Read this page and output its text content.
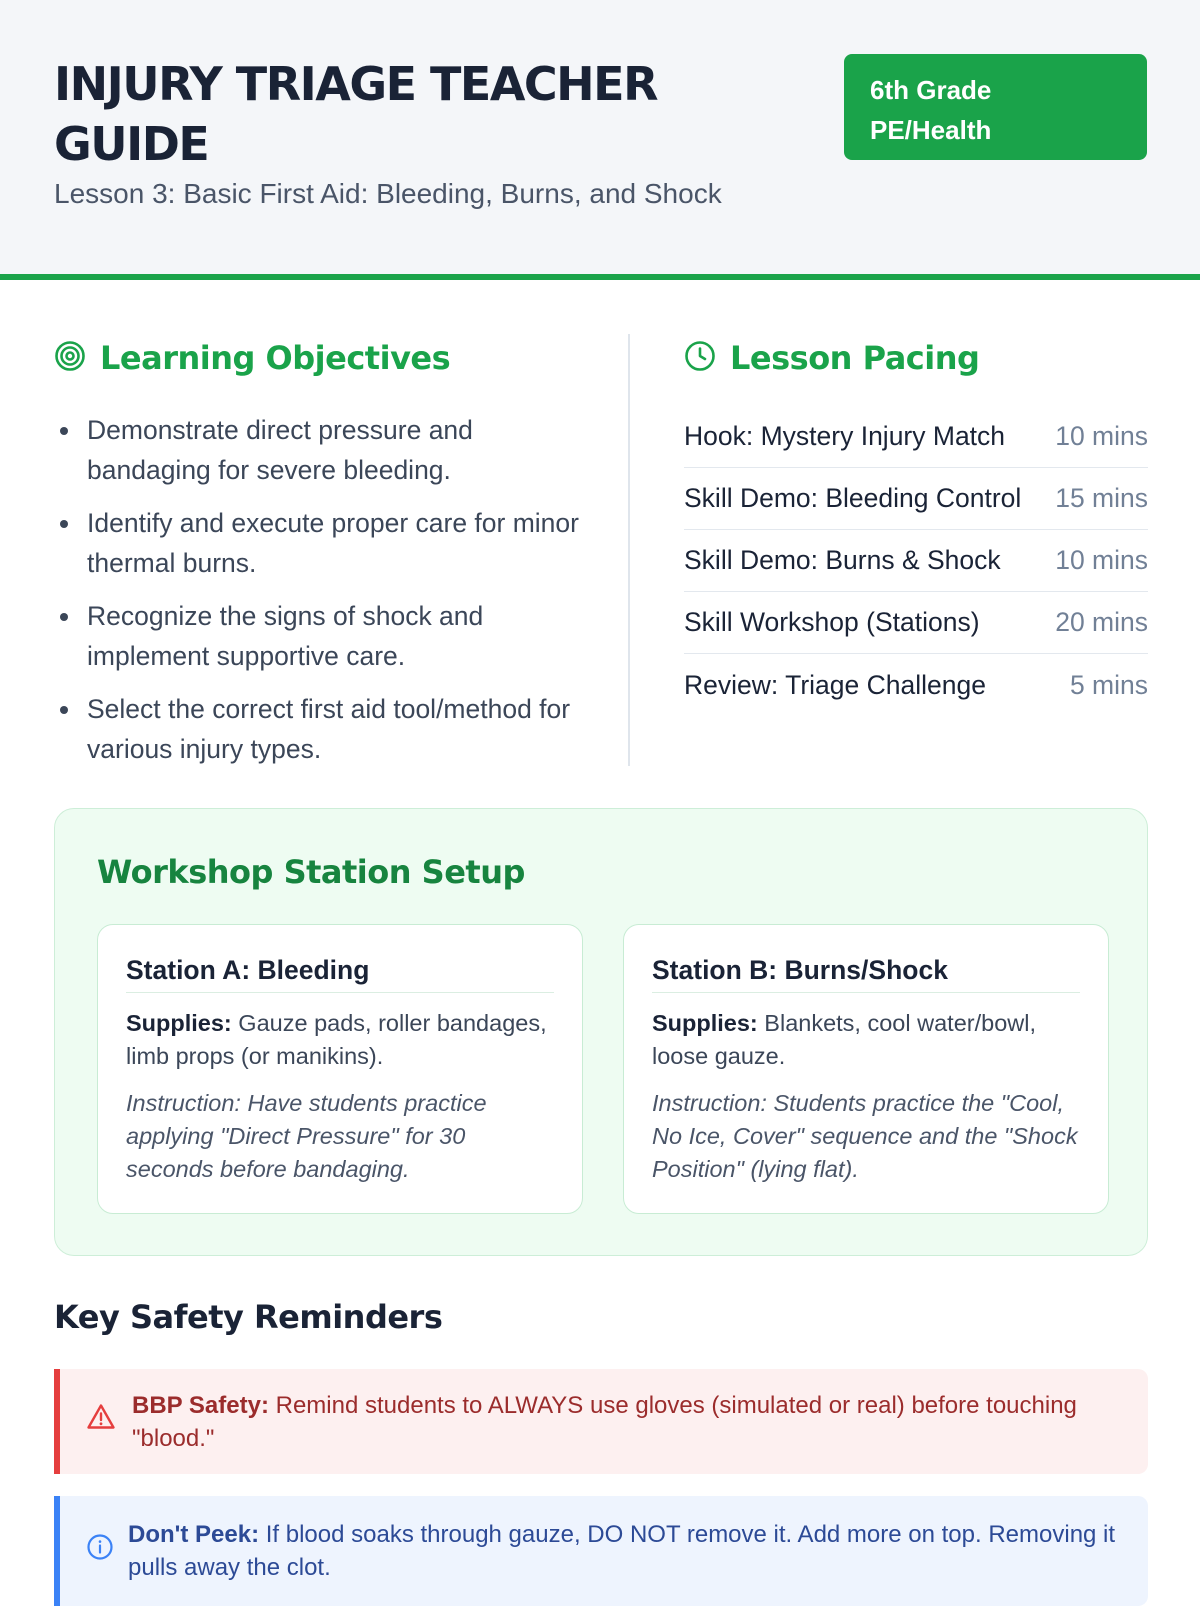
INJURY TRIAGE TEACHER GUIDE
Lesson 3: Basic First Aid: Bleeding, Burns, and Shock
6th Grade
PE/Health
Learning Objectives
Demonstrate direct pressure and bandaging for severe bleeding.
Identify and execute proper care for minor thermal burns.
Recognize the signs of shock and implement supportive care.
Select the correct first aid tool/method for various injury types.
Lesson Pacing
Hook: Mystery Injury Match 10 mins
Skill Demo: Bleeding Control 15 mins
Skill Demo: Burns & Shock 10 mins
Skill Workshop (Stations)	20 mins
Review: Triage Challenge	5 mins
Workshop Station Setup
Station A: Bleeding

Supplies: Gauze pads, roller bandages, limb props (or manikins).

Instruction: Have students practice applying "Direct Pressure" for 30 seconds before bandaging.

Station B: Burns/Shock

Supplies: Blankets, cool water/bowl, loose gauze.

Instruction: Students practice the "Cool, No Ice, Cover" sequence and the "Shock Position" (lying flat).

Key Safety Reminders

BBP Safety: Remind students to ALWAYS use gloves (simulated or real) before touching "blood."

Don't Peek: If blood soaks through gauze, DO NOT remove it. Add more on top. Removing it pulls away the clot.
